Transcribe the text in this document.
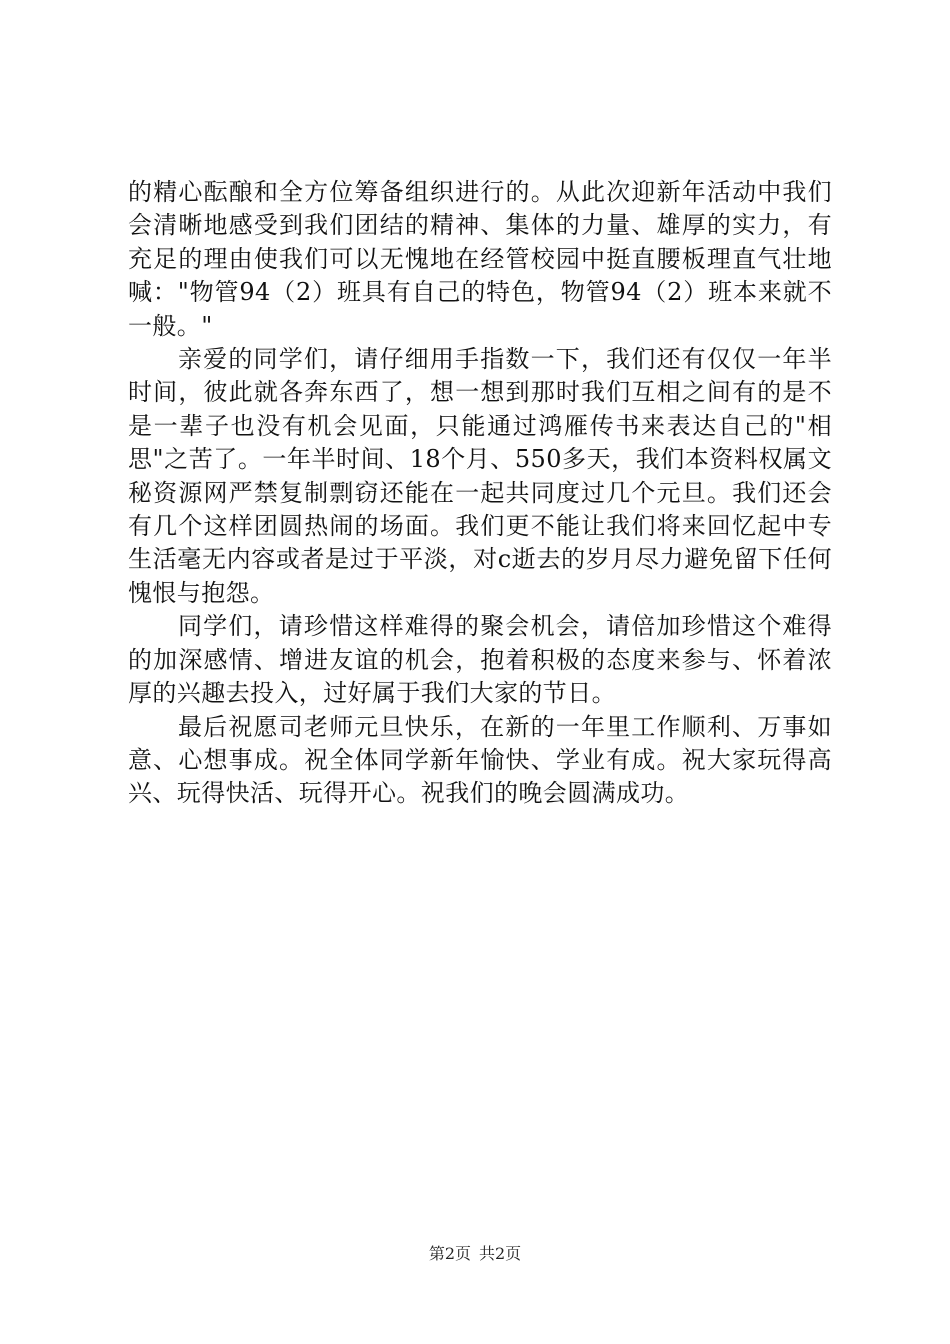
的精心酝酿和全方位筹备组织进行的。从此次迎新年活动中我们会清晰地感受到我们团结的精神、集体的力量、雄厚的实力，有充足的理由使我们可以无愧地在经管校园中挺直腰板理直气壮地喊："物管94（2）班具有自己的特色，物管94（2）班本来就不一般。"

亲爱的同学们，请仔细用手指数一下，我们还有仅仅一年半时间，彼此就各奔东西了，想一想到那时我们互相之间有的是不是一辈子也没有机会见面，只能通过鸿雁传书来表达自己的"相思"之苦了。一年半时间、18个月、550多天，我们本资料权属文秘资源网严禁复制剽窃还能在一起共同度过几个元旦。我们还会有几个这样团圆热闹的场面。我们更不能让我们将来回忆起中专生活毫无内容或者是过于平淡，对c逝去的岁月尽力避免留下任何愧恨与抱怨。

同学们，请珍惜这样难得的聚会机会，请倍加珍惜这个难得的加深感情、增进友谊的机会，抱着积极的态度来参与、怀着浓厚的兴趣去投入，过好属于我们大家的节日。

最后祝愿司老师元旦快乐，在新的一年里工作顺利、万事如意、心想事成。祝全体同学新年愉快、学业有成。祝大家玩得高兴、玩得快活、玩得开心。祝我们的晚会圆满成功。

第2页 共2页
